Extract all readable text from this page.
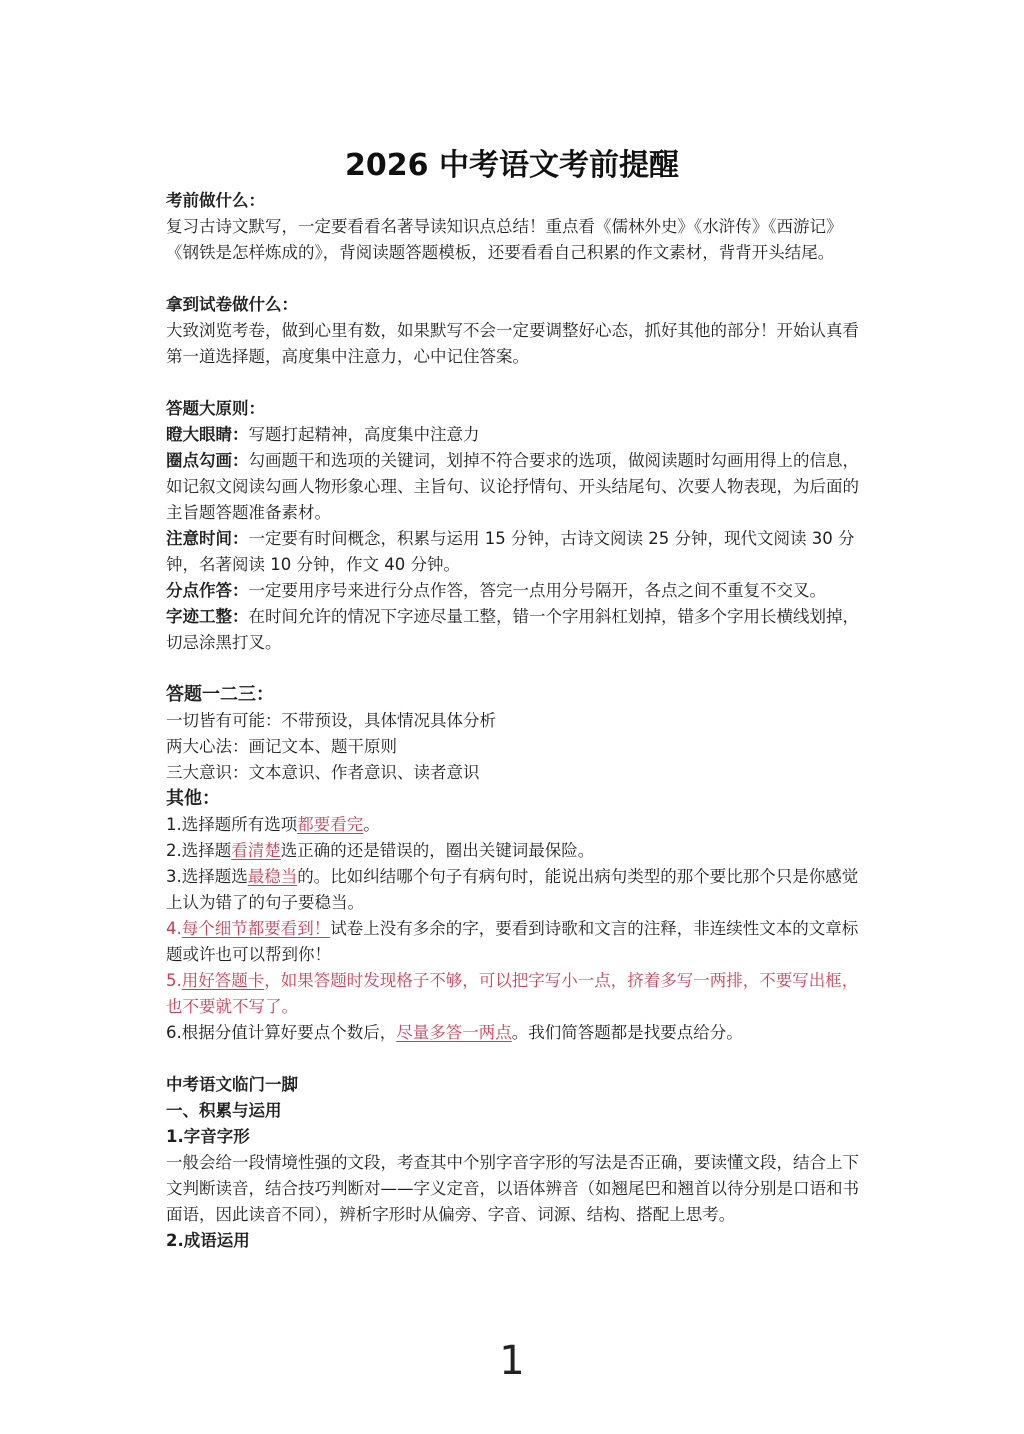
2026 中考语文考前提醒

考前做什么：

复习古诗文默写，一定要看看名著导读知识点总结！重点看《儒林外史》《水浒传》《西游记》《钢铁是怎样炼成的》，背阅读题答题模板，还要看看自己积累的作文素材，背背开头结尾。

拿到试卷做什么：

大致浏览考卷，做到心里有数，如果默写不会一定要调整好心态，抓好其他的部分！开始认真看第一道选择题，高度集中注意力，心中记住答案。

答题大原则：

瞪大眼睛：写题打起精神，高度集中注意力

圈点勾画：勾画题干和选项的关键词，划掉不符合要求的选项，做阅读题时勾画用得上的信息，如记叙文阅读勾画人物形象心理、主旨句、议论抒情句、开头结尾句、次要人物表现，为后面的主旨题答题准备素材。

注意时间：一定要有时间概念，积累与运用 15 分钟，古诗文阅读 25 分钟，现代文阅读 30 分钟，名著阅读 10 分钟，作文 40 分钟。

分点作答：一定要用序号来进行分点作答，答完一点用分号隔开，各点之间不重复不交叉。

字迹工整：在时间允许的情况下字迹尽量工整，错一个字用斜杠划掉，错多个字用长横线划掉，切忌涂黑打叉。

答题一二三：

一切皆有可能：不带预设，具体情况具体分析

两大心法：画记文本、题干原则

三大意识：文本意识、作者意识、读者意识

其他：

1.选择题所有选项都要看完。

2.选择题看清楚选正确的还是错误的，圈出关键词最保险。

3.选择题选最稳当的。比如纠结哪个句子有病句时，能说出病句类型的那个要比那个只是你感觉上认为错了的句子要稳当。

4.每个细节都要看到！试卷上没有多余的字，要看到诗歌和文言的注释，非连续性文本的文章标题或许也可以帮到你！

5.用好答题卡，如果答题时发现格子不够，可以把字写小一点，挤着多写一两排，不要写出框，也不要就不写了。

6.根据分值计算好要点个数后，尽量多答一两点。我们简答题都是找要点给分。

中考语文临门一脚

一、积累与运用

1.字音字形

一般会给一段情境性强的文段，考查其中个别字音字形的写法是否正确，要读懂文段，结合上下文判断读音，结合技巧判断对——字义定音，以语体辨音（如翘尾巴和翘首以待分别是口语和书面语，因此读音不同），辨析字形时从偏旁、字音、词源、结构、搭配上思考。

2.成语运用

1
